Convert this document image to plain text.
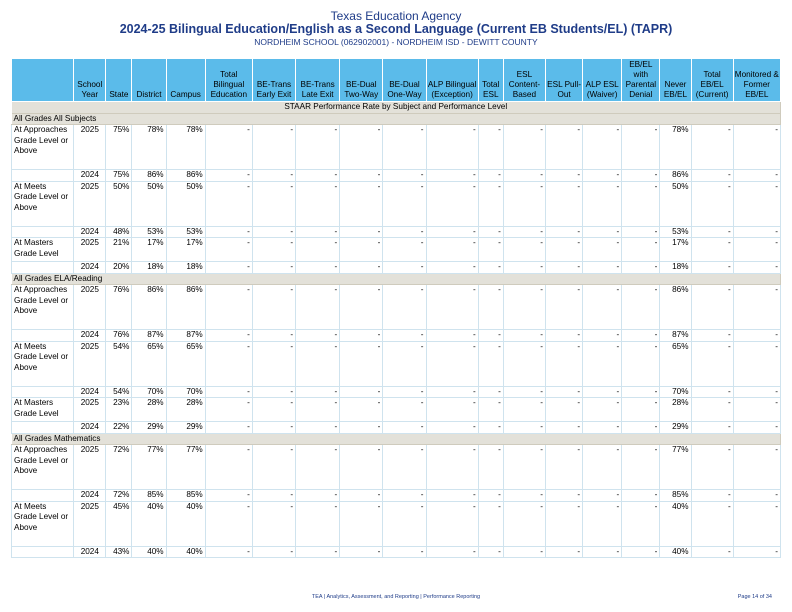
Texas Education Agency
2024-25 Bilingual Education/English as a Second Language (Current EB Students/EL) (TAPR)
NORDHEIM SCHOOL (062902001) - NORDHEIM ISD - DEWITT COUNTY
	School Year	State	District	Campus	Total Bilingual Education	BE-Trans Early Exit	BE-Trans Late Exit	BE-Dual Two-Way	BE-Dual One-Way	ALP Bilingual (Exception)	Total ESL	ESL Content-Based	ESL Pull-Out	ALP ESL (Waiver)	EB/EL with Parental Denial	Never EB/EL	Total EB/EL (Current)	Monitored & Former EB/EL
STAAR Performance Rate by Subject and Performance Level																		
All Grades All Subjects																		
At Approaches Grade Level or Above	2025	75%	78%	78%	-	-	-	-	-	-	-	-	-	-	-	78%	-	-
	2024	75%	86%	86%	-	-	-	-	-	-	-	-	-	-	-	86%	-	-
At Meets Grade Level or Above	2025	50%	50%	50%	-	-	-	-	-	-	-	-	-	-	-	50%	-	-
	2024	48%	53%	53%	-	-	-	-	-	-	-	-	-	-	-	53%	-	-
At Masters Grade Level	2025	21%	17%	17%	-	-	-	-	-	-	-	-	-	-	-	17%	-	-
	2024	20%	18%	18%	-	-	-	-	-	-	-	-	-	-	-	18%	-	-
All Grades ELA/Reading																		
At Approaches Grade Level or Above	2025	76%	86%	86%	-	-	-	-	-	-	-	-	-	-	-	86%	-	-
	2024	76%	87%	87%	-	-	-	-	-	-	-	-	-	-	-	87%	-	-
At Meets Grade Level or Above	2025	54%	65%	65%	-	-	-	-	-	-	-	-	-	-	-	65%	-	-
	2024	54%	70%	70%	-	-	-	-	-	-	-	-	-	-	-	70%	-	-
At Masters Grade Level	2025	23%	28%	28%	-	-	-	-	-	-	-	-	-	-	-	28%	-	-
	2024	22%	29%	29%	-	-	-	-	-	-	-	-	-	-	-	29%	-	-
All Grades Mathematics																		
At Approaches Grade Level or Above	2025	72%	77%	77%	-	-	-	-	-	-	-	-	-	-	-	77%	-	-
	2024	72%	85%	85%	-	-	-	-	-	-	-	-	-	-	-	85%	-	-
At Meets Grade Level or Above	2025	45%	40%	40%	-	-	-	-	-	-	-	-	-	-	-	40%	-	-
	2024	43%	40%	40%	-	-	-	-	-	-	-	-	-	-	-	40%	-	-
TEA | Analytics, Assessment, and Reporting | Performance Reporting	Page 14 of 34
